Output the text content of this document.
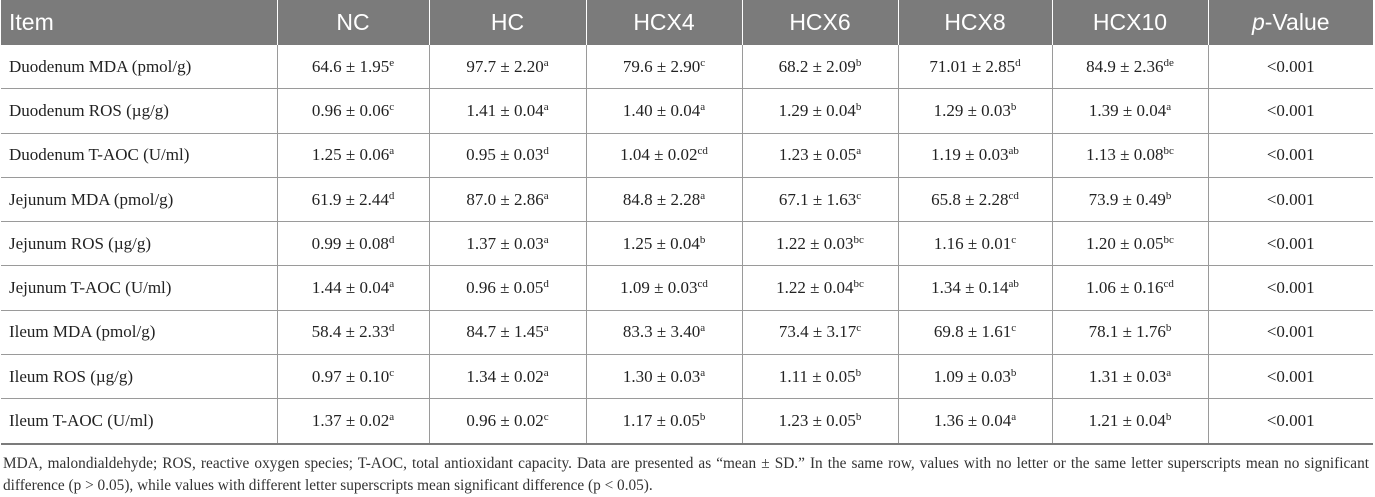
Item	NC	HC	HCX4	HCX6	HCX8	HCX10	p-Value
Duodenum MDA (pmol/g)	64.6 ± 1.95$^e$	97.7 ± 2.20$^a$	79.6 ± 2.90$^c$	68.2 ± 2.09$^b$	71.01 ± 2.85$^d$	84.9 ± 2.36de	<0.001
Duodenum ROS (µg/g)	0.96 ± 0.06$^c$	1.41 ± 0.04$^a$	1.40 ± 0.04$^a$	1.29 ± 0.04$^b$	1.29 ± 0.03$^b$	1.39 ± 0.04$^a$	<0.001
Duodenum T-AOC (U/ml)	1.25 ± 0.06$^a$	0.95 ± 0.03$^d$	1.04 ± 0.02$^{cd}$	1.23 ± 0.05$^a$	1.19 ± 0.03$^{ab}$	1.13 ± 0.08$^{bc}$	<0.001
Jejunum MDA (pmol/g)	61.9 ± 2.44$^d$	87.0 ± 2.86$^a$	84.8 ± 2.28$^a$	67.1 ± 1.63$^c$	65.8 ± 2.28$^{cd}$	73.9 ± 0.49$^b$	<0.001
Jejunum ROS (µg/g)	0.99 ± 0.08$^d$	1.37 ± 0.03$^a$	1.25 ± 0.04$^b$	1.22 ± 0.03$^{bc}$	1.16 ± 0.01$^c$	1.20 ± 0.05$^{bc}$	<0.001
Jejunum T-AOC (U/ml)	1.44 ± 0.04$^a$	0.96 ± 0.05$^d$	1.09 ± 0.03$^{cd}$	1.22 ± 0.04$^{bc}$	1.34 ± 0.14$^{ab}$	1.06 ± 0.16$^{cd}$	<0.001
Ileum MDA (pmol/g)	58.4 ± 2.33$^d$	84.7 ± 1.45$^a$	83.3 ± 3.40$^a$	73.4 ± 3.17$^c$	69.8 ± 1.61$^c$	78.1 ± 1.76$^b$	<0.001
Ileum ROS (µg/g)	0.97 ± 0.10$^c$	1.34 ± 0.02$^a$	1.30 ± 0.03$^a$	1.11 ± 0.05$^b$	1.09 ± 0.03$^b$	1.31 ± 0.03$^a$	<0.001
Ileum T-AOC (U/ml)	1.37 ± 0.02$^a$	0.96 ± 0.02$^c$	1.17 ± 0.05$^b$	1.23 ± 0.05$^b$	1.36 ± 0.04$^a$	1.21 ± 0.04$^b$	<0.001
MDA, malondialdehyde; ROS, reactive oxygen species; T-AOC, total antioxidant capacity. Data are presented as “mean ± SD.” In the same row, values with no letter or the same letter superscripts mean no significant difference (p > 0.05), while values with different letter superscripts mean significant difference (p < 0.05).
